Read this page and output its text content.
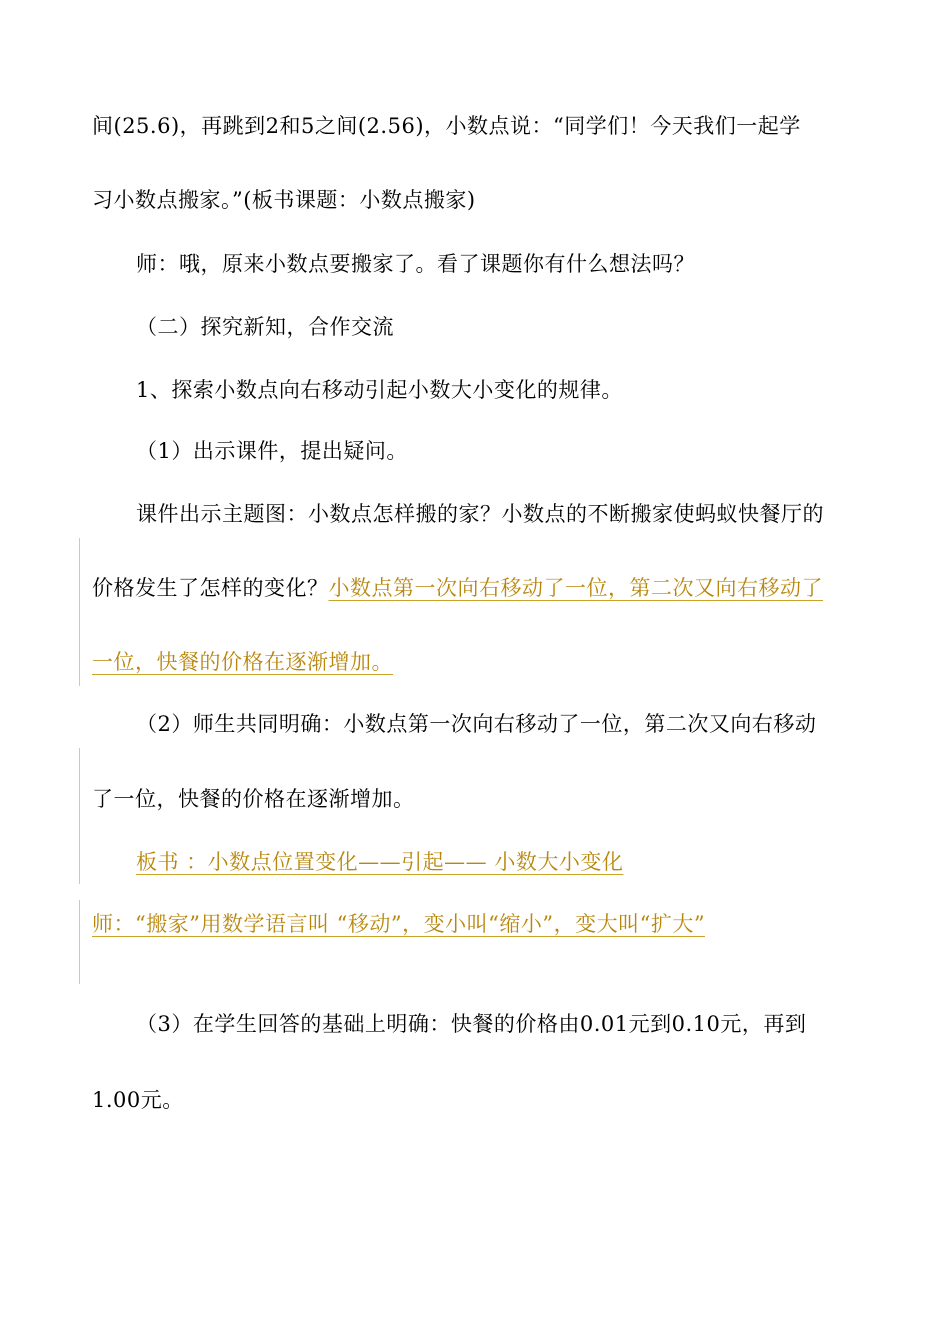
间(25.6)，再跳到2和5之间(2.56)，小数点说：“同学们！今天我们一起学
习小数点搬家。”(板书课题：小数点搬家)
师：哦，原来小数点要搬家了。看了课题你有什么想法吗？
（二）探究新知，合作交流
1、探索小数点向右移动引起小数大小变化的规律。
（1）出示课件，提出疑问。
课件出示主题图：小数点怎样搬的家？小数点的不断搬家使蚂蚁快餐厅的
价格发生了怎样的变化？小数点第一次向右移动了一位，第二次又向右移动了
一位，快餐的价格在逐渐增加。
（2）师生共同明确：小数点第一次向右移动了一位，第二次又向右移动
了一位，快餐的价格在逐渐增加。
板书 ：小数点位置变化——引起—— 小数大小变化
师：“搬家”用数学语言叫 “移动”，变小叫“缩小”，变大叫“扩大”
（3）在学生回答的基础上明确：快餐的价格由0.01元到0.10元，再到
1.00元。
